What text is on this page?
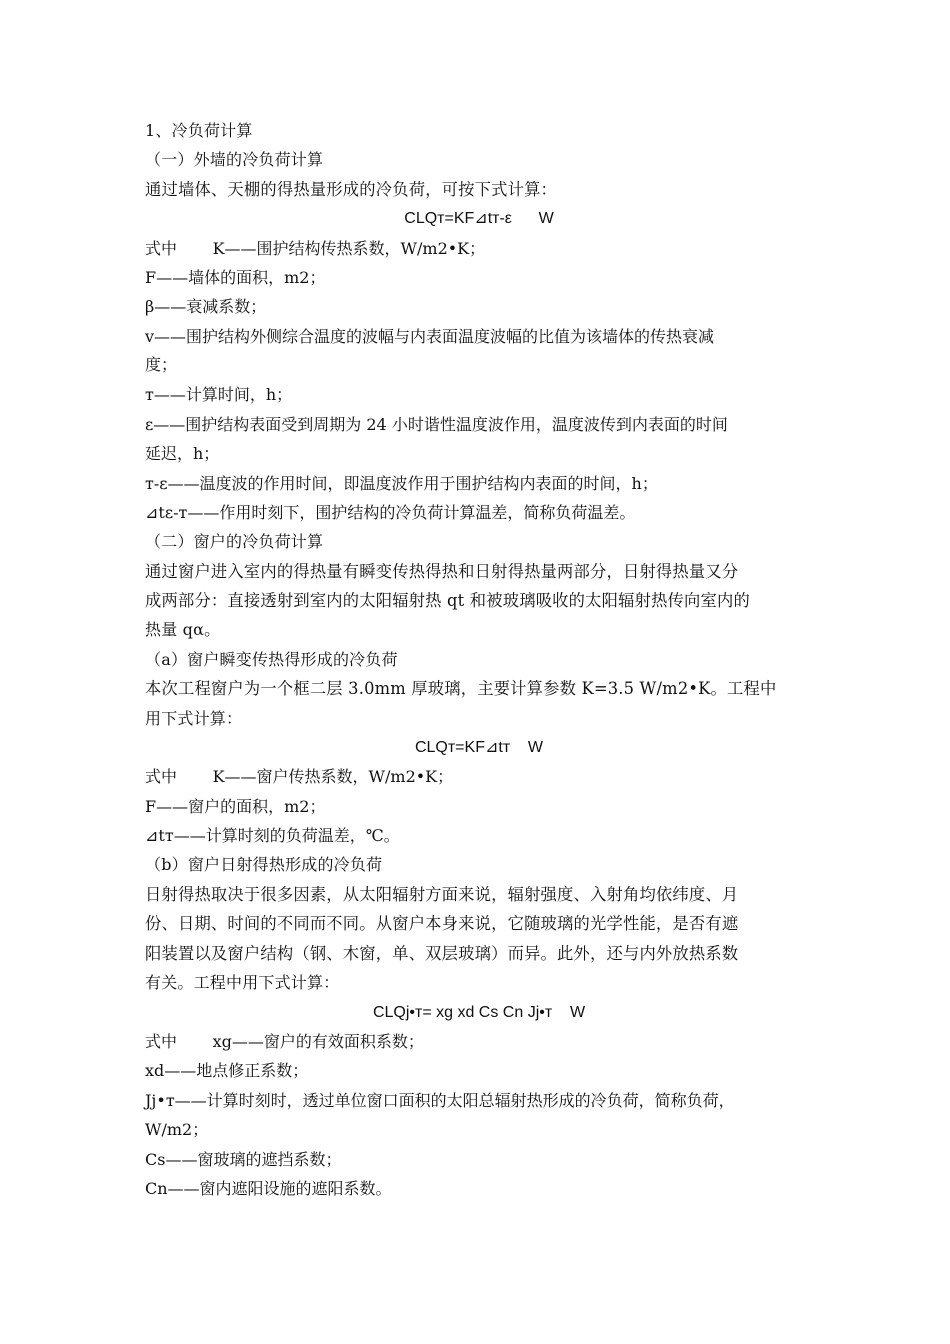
1、冷负荷计算
（一）外墙的冷负荷计算
通过墙体、天棚的得热量形成的冷负荷，可按下式计算：
CLQт=KF⊿tт-ε      W
式中       K——围护结构传热系数，W/m2•K；
F——墙体的面积，m2；
β——衰减系数；
v——围护结构外侧综合温度的波幅与内表面温度波幅的比值为该墙体的传热衰减
度；
т——计算时间，h；
ε——围护结构表面受到周期为 24 小时谐性温度波作用，温度波传到内表面的时间
延迟，h；
т-ε——温度波的作用时间，即温度波作用于围护结构内表面的时间，h；
⊿tε-т——作用时刻下，围护结构的冷负荷计算温差，简称负荷温差。
（二）窗户的冷负荷计算
通过窗户进入室内的得热量有瞬变传热得热和日射得热量两部分，日射得热量又分
成两部分：直接透射到室内的太阳辐射热 qt 和被玻璃吸收的太阳辐射热传向室内的
热量 qα。
（a）窗户瞬变传热得形成的冷负荷
本次工程窗户为一个框二层 3.0mm 厚玻璃，主要计算参数 K=3.5 W/m2•K。工程中
用下式计算：
CLQт=KF⊿tт    W
式中       K——窗户传热系数，W/m2•K；
F——窗户的面积，m2；
⊿tт——计算时刻的负荷温差，℃。
（b）窗户日射得热形成的冷负荷
日射得热取决于很多因素，从太阳辐射方面来说，辐射强度、入射角均依纬度、月
份、日期、时间的不同而不同。从窗户本身来说，它随玻璃的光学性能，是否有遮
阳装置以及窗户结构（钢、木窗，单、双层玻璃）而异。此外，还与内外放热系数
有关。工程中用下式计算：
CLQj•т= xg xd Cs Cn Jj•т    W
式中       xg——窗户的有效面积系数；
xd——地点修正系数；
Jj•т——计算时刻时，透过单位窗口面积的太阳总辐射热形成的冷负荷，简称负荷，
W/m2；
Cs——窗玻璃的遮挡系数；
Cn——窗内遮阳设施的遮阳系数。
